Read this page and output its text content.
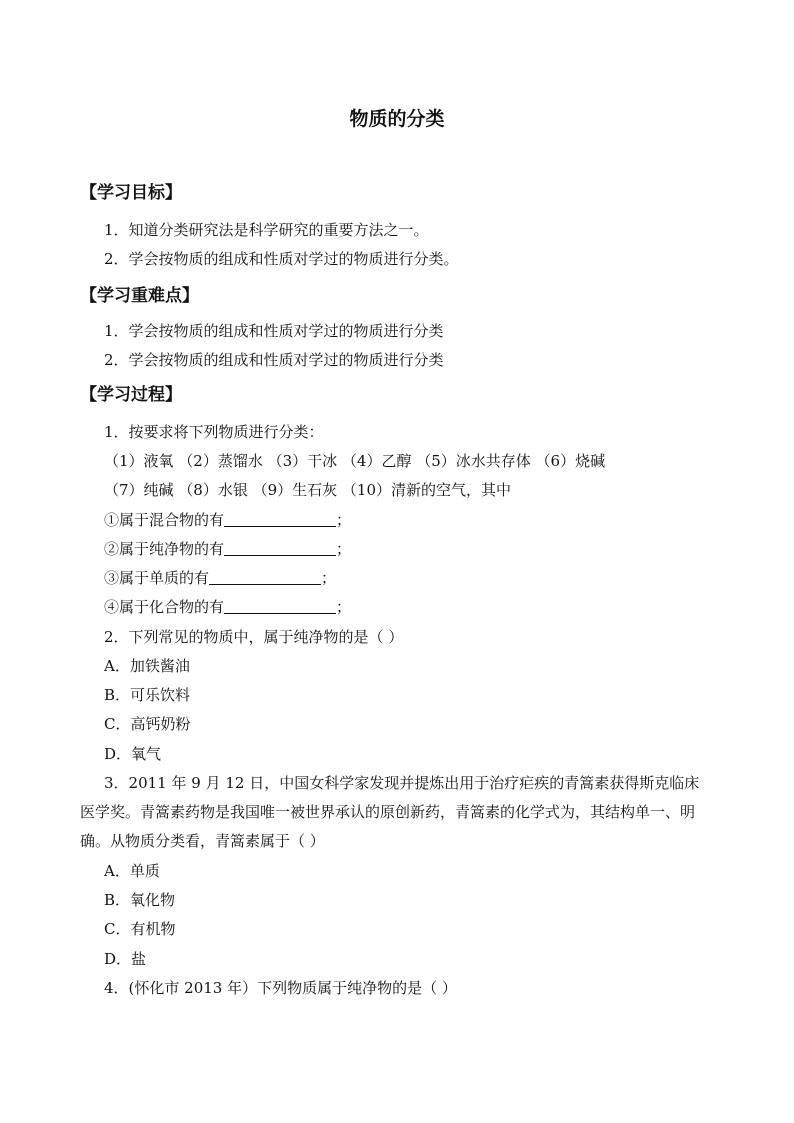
物质的分类
【学习目标】
1．知道分类研究法是科学研究的重要方法之一。
2．学会按物质的组成和性质对学过的物质进行分类。
【学习重难点】
1．学会按物质的组成和性质对学过的物质进行分类
2．学会按物质的组成和性质对学过的物质进行分类
【学习过程】
1．按要求将下列物质进行分类：
（1）液氧 （2）蒸馏水 （3）干冰 （4）乙醇 （5）冰水共存体 （6）烧碱
（7）纯碱 （8）水银 （9）生石灰 （10）清新的空气，其中
①属于混合物的有	；
②属于纯净物的有	；
③属于单质的有	；
④属于化合物的有	；
2．下列常见的物质中，属于纯净物的是（ ）
A．加铁酱油
B．可乐饮料
C．高钙奶粉
D．氧气
3．2011 年 9 月 12 日，中国女科学家发现并提炼出用于治疗疟疾的青篙素获得斯克临床
医学奖。青篙素药物是我国唯一被世界承认的原创新药，青篙素的化学式为，其结构单一、明
确。从物质分类看，青篙素属于（ ）
A．单质
B．氧化物
C．有机物
D．盐
4．(怀化市 2013 年）下列物质属于纯净物的是（ ）
